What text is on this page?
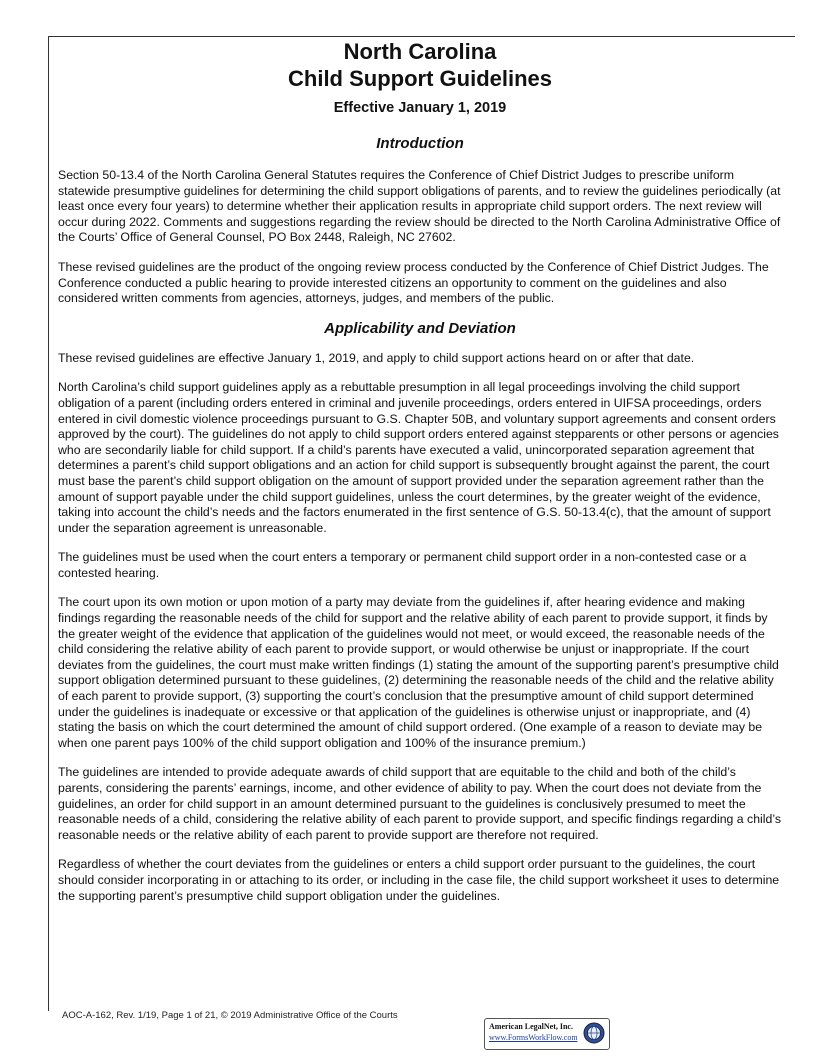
North Carolina
Child Support Guidelines
Effective January 1, 2019
Introduction

Section 50-13.4 of the North Carolina General Statutes requires the Conference of Chief District Judges to prescribe uniform statewide presumptive guidelines for determining the child support obligations of parents, and to review the guidelines periodically (at least once every four years) to determine whether their application results in appropriate child support orders. The next review will occur during 2022. Comments and suggestions regarding the review should be directed to the North Carolina Administrative Office of the Courts’ Office of General Counsel, PO Box 2448, Raleigh, NC 27602.

These revised guidelines are the product of the ongoing review process conducted by the Conference of Chief District Judges. The Conference conducted a public hearing to provide interested citizens an opportunity to comment on the guidelines and also considered written comments from agencies, attorneys, judges, and members of the public.

Applicability and Deviation

These revised guidelines are effective January 1, 2019, and apply to child support actions heard on or after that date.

North Carolina’s child support guidelines apply as a rebuttable presumption in all legal proceedings involving the child support obligation of a parent (including orders entered in criminal and juvenile proceedings, orders entered in UIFSA proceedings, orders entered in civil domestic violence proceedings pursuant to G.S. Chapter 50B, and voluntary support agreements and consent orders approved by the court). The guidelines do not apply to child support orders entered against stepparents or other persons or agencies who are secondarily liable for child support. If a child’s parents have executed a valid, unincorporated separation agreement that determines a parent’s child support obligations and an action for child support is subsequently brought against the parent, the court must base the parent’s child support obligation on the amount of support provided under the separation agreement rather than the amount of support payable under the child support guidelines, unless the court determines, by the greater weight of the evidence, taking into account the child’s needs and the factors enumerated in the first sentence of G.S. 50-13.4(c), that the amount of support under the separation agreement is unreasonable.

The guidelines must be used when the court enters a temporary or permanent child support order in a non-contested case or a contested hearing.

The court upon its own motion or upon motion of a party may deviate from the guidelines if, after hearing evidence and making findings regarding the reasonable needs of the child for support and the relative ability of each parent to provide support, it finds by the greater weight of the evidence that application of the guidelines would not meet, or would exceed, the reasonable needs of the child considering the relative ability of each parent to provide support, or would otherwise be unjust or inappropriate. If the court deviates from the guidelines, the court must make written findings (1) stating the amount of the supporting parent’s presumptive child support obligation determined pursuant to these guidelines, (2) determining the reasonable needs of the child and the relative ability of each parent to provide support, (3) supporting the court’s conclusion that the presumptive amount of child support determined under the guidelines is inadequate or excessive or that application of the guidelines is otherwise unjust or inappropriate, and (4) stating the basis on which the court determined the amount of child support ordered. (One example of a reason to deviate may be when one parent pays 100% of the child support obligation and 100% of the insurance premium.)

The guidelines are intended to provide adequate awards of child support that are equitable to the child and both of the child’s parents, considering the parents’ earnings, income, and other evidence of ability to pay. When the court does not deviate from the guidelines, an order for child support in an amount determined pursuant to the guidelines is conclusively presumed to meet the reasonable needs of a child, considering the relative ability of each parent to provide support, and specific findings regarding a child’s reasonable needs or the relative ability of each parent to provide support are therefore not required.

Regardless of whether the court deviates from the guidelines or enters a child support order pursuant to the guidelines, the court should consider incorporating in or attaching to its order, or including in the case file, the child support worksheet it uses to determine the supporting parent’s presumptive child support obligation under the guidelines.

AOC-A-162, Rev. 1/19, Page 1 of 21, © 2019 Administrative Office of the Courts
American LegalNet, Inc.
www.FormsWorkFlow.com
